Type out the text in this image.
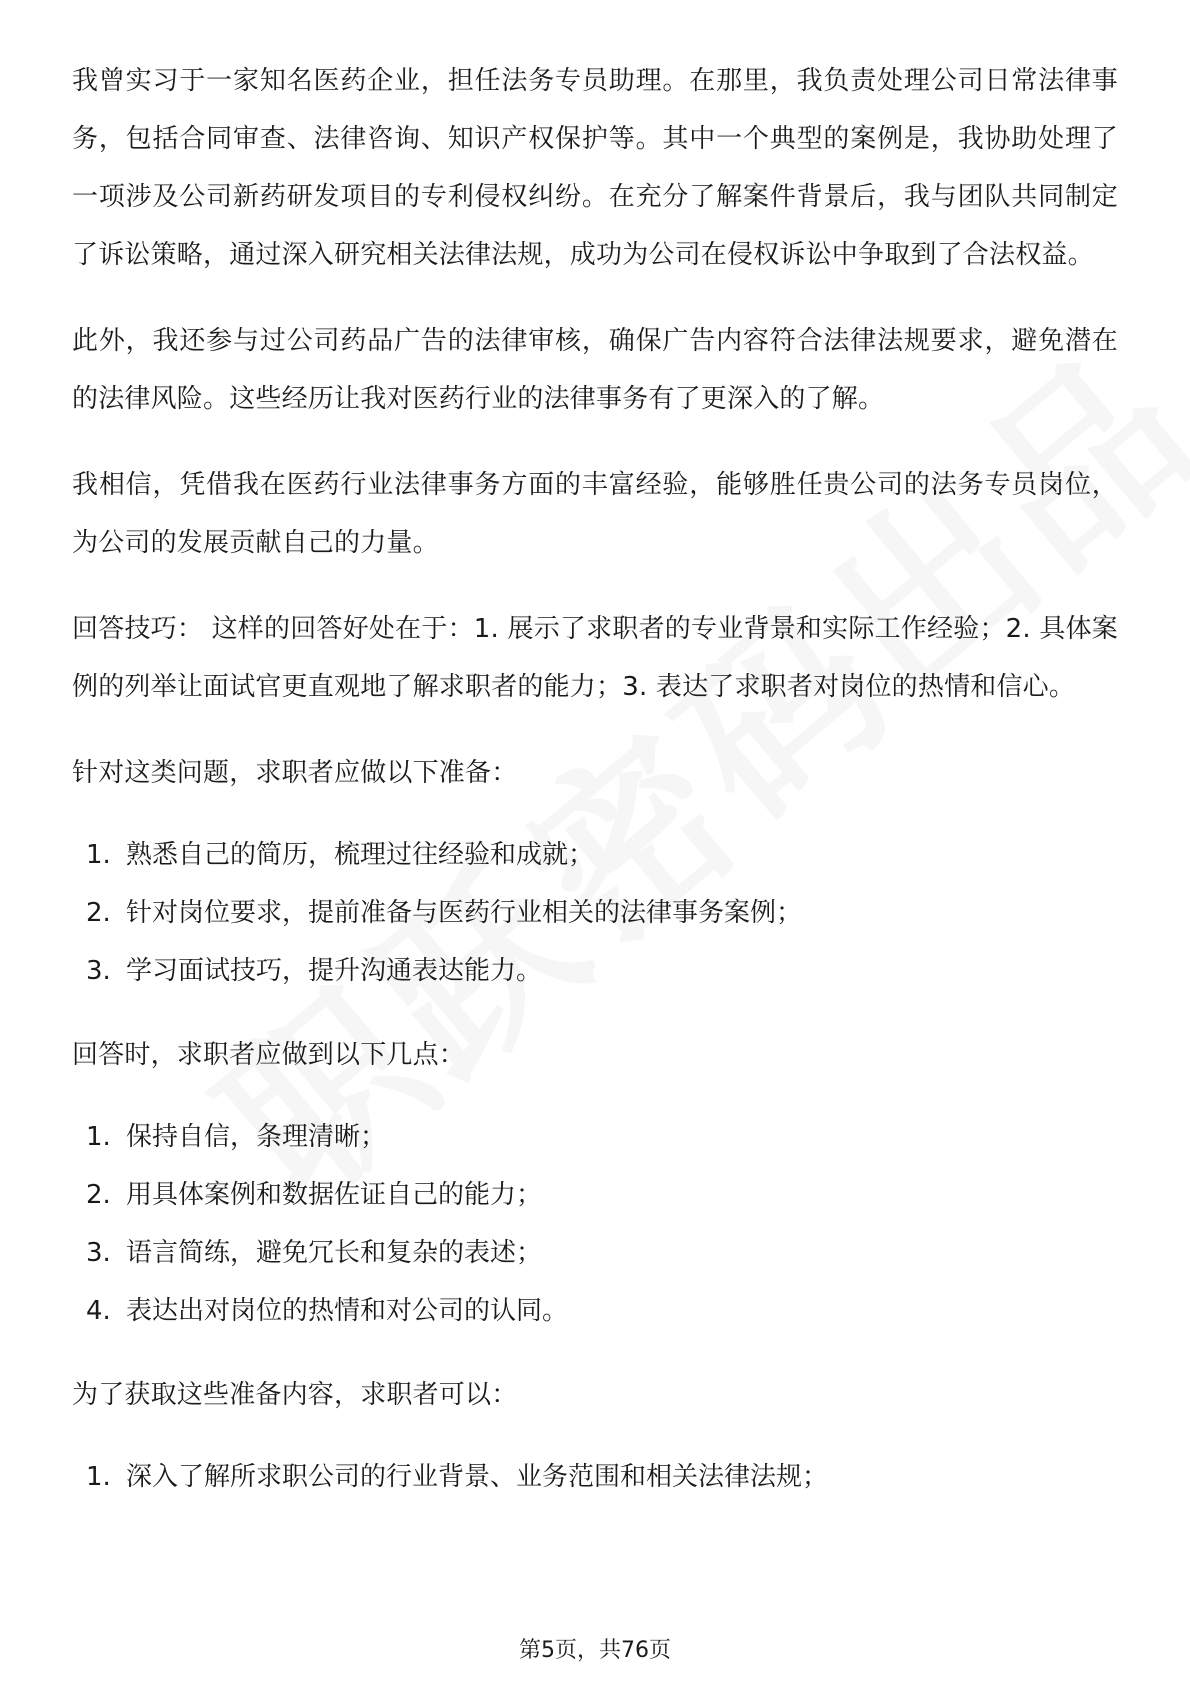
我曾实习于一家知名医药企业，担任法务专员助理。在那里，我负责处理公司日常法律事务，包括合同审查、法律咨询、知识产权保护等。其中一个典型的案例是，我协助处理了一项涉及公司新药研发项目的专利侵权纠纷。在充分了解案件背景后，我与团队共同制定了诉讼策略，通过深入研究相关法律法规，成功为公司在侵权诉讼中争取到了合法权益。

此外，我还参与过公司药品广告的法律审核，确保广告内容符合法律法规要求，避免潜在的法律风险。这些经历让我对医药行业的法律事务有了更深入的了解。

我相信，凭借我在医药行业法律事务方面的丰富经验，能够胜任贵公司的法务专员岗位，为公司的发展贡献自己的力量。

回答技巧： 这样的回答好处在于：1. 展示了求职者的专业背景和实际工作经验；2. 具体案例的列举让面试官更直观地了解求职者的能力；3. 表达了求职者对岗位的热情和信心。

针对这类问题，求职者应做以下准备：

1. 熟悉自己的简历，梳理过往经验和成就；
2. 针对岗位要求，提前准备与医药行业相关的法律事务案例；
3. 学习面试技巧，提升沟通表达能力。

回答时，求职者应做到以下几点：

1. 保持自信，条理清晰；
2. 用具体案例和数据佐证自己的能力；
3. 语言简练，避免冗长和复杂的表述；
4. 表达出对岗位的热情和对公司的认同。

为了获取这些准备内容，求职者可以：

1. 深入了解所求职公司的行业背景、业务范围和相关法律法规；
第5页，共76页
